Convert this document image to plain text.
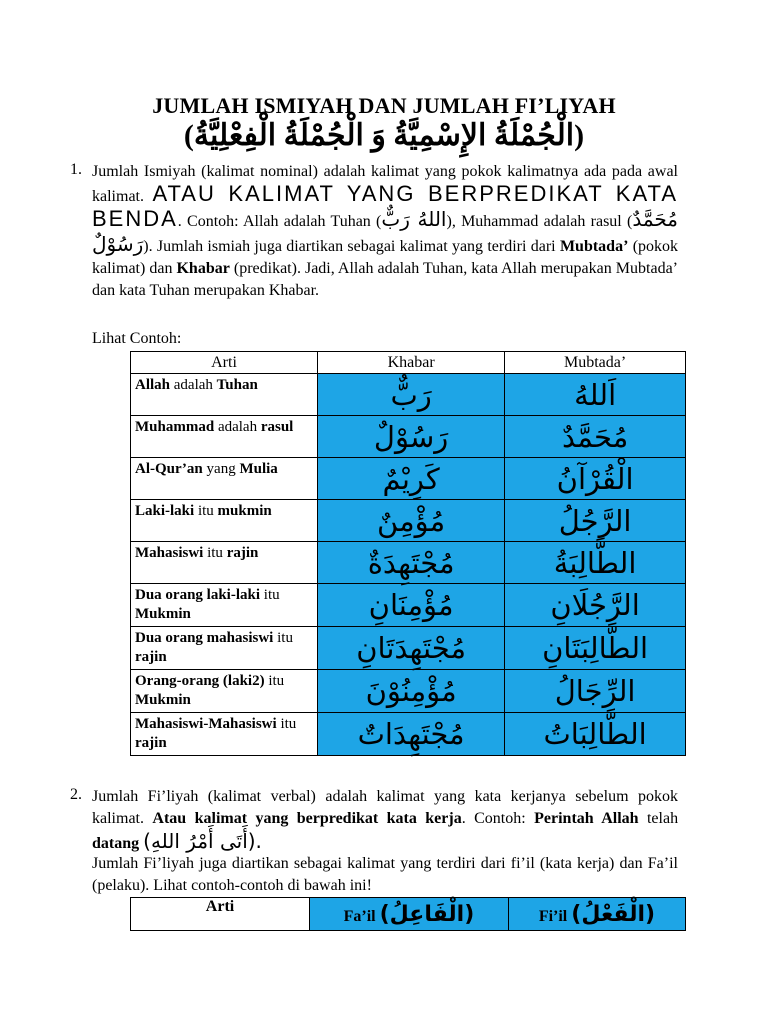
JUMLAH ISMIYAH DAN JUMLAH FI’LIYAH
(الْجُمْلَةُ الإِسْمِيَّةُ وَ الْجُمْلَةُ الْفِعْلِيَّةُ)
1. Jumlah Ismiyah (kalimat nominal) adalah kalimat yang pokok kalimatnya ada pada awal kalimat. ATAU KALIMAT YANG BERPREDIKAT KATA BENDA. Contoh: Allah adalah Tuhan (اللهُ رَبٌّ), Muhammad adalah rasul (مُحَمَّدٌ رَسُوْلٌ). Jumlah ismiah juga diartikan sebagai kalimat yang terdiri dari Mubtada’ (pokok kalimat) dan Khabar (predikat). Jadi, Allah adalah Tuhan, kata Allah merupakan Mubtada’ dan kata Tuhan merupakan Khabar.
Lihat Contoh:
Arti	Khabar	Mubtada’
Allah adalah Tuhan	رَبٌّ	اَللهُ
Muhammad adalah rasul	رَسُوْلٌ	مُحَمَّدٌ
Al-Qur’an yang Mulia	كَرِيْمٌ	الْقُرْآنُ
Laki-laki itu mukmin	مُؤْمِنٌ	الرَّجُلُ
Mahasiswi itu rajin	مُجْتَهِدَةٌ	الطَّالِبَةُ
Dua orang laki-laki itu Mukmin	مُؤْمِنَانِ	الرَّجُلَانِ
Dua orang mahasiswi itu rajin	مُجْتَهِدَتَانِ	الطَّالِبَتَانِ
Orang-orang (laki2) itu Mukmin	مُؤْمِنُوْنَ	الرِّجَالُ
Mahasiswi-Mahasiswi itu rajin	مُجْتَهِدَاتٌ	الطَّالِبَاتُ
2. Jumlah Fi’liyah (kalimat verbal) adalah kalimat yang kata kerjanya sebelum pokok kalimat. Atau kalimat yang berpredikat kata kerja. Contoh: Perintah Allah telah datang (أَتَى أَمْرُ اللهِ).
Jumlah Fi’liyah juga diartikan sebagai kalimat yang terdiri dari fi’il (kata kerja) dan Fa’il (pelaku). Lihat contoh-contoh di bawah ini!
Arti	Fa’il (الْفَاعِلُ)	Fi’il (الْفَعْلُ)
